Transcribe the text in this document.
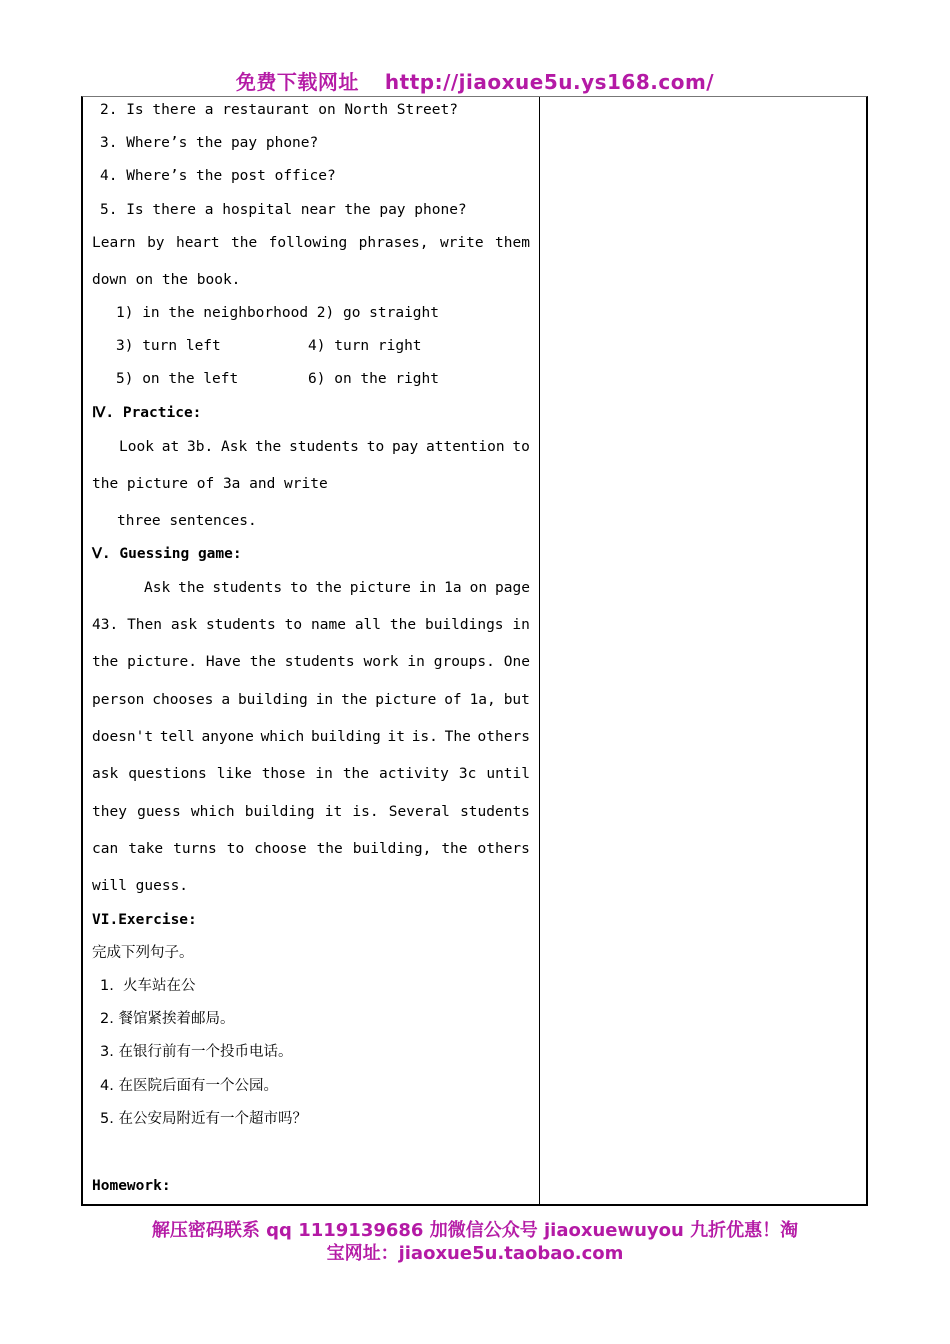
免费下载网址 http://jiaoxue5u.ys168.com/
2. Is there a restaurant on North Street?
3. Where’s the pay phone?
4. Where’s the post office?
5. Is there a hospital near the pay phone?
Learn by heart the following phrases, write them
down on the book.
1) in the neighborhood 2) go straight
3) turn left          4) turn right
5) on the left        6) on the right
Ⅳ. Practice:
Look at 3b. Ask the students to pay attention to
the picture of 3a and write
three sentences.
Ⅴ. Guessing game:
Ask the students to the picture in 1a on page
43. Then ask students to name all the buildings in
the picture. Have the students work in groups. One
person chooses a building in the picture of 1a, but
doesn't tell anyone which building it is. The others
ask questions like those in the activity 3c until
they guess which building it is. Several students
can take turns to choose the building, the others
will guess.
VI.Exercise:
完成下列句子。
1.  火车站在公
2. 餐馆紧挨着邮局。
3. 在银行前有一个投币电话。
4. 在医院后面有一个公园。
5. 在公安局附近有一个超市吗？
Homework:
解压密码联系 qq 1119139686 加微信公众号 jiaoxuewuyou 九折优惠！淘
宝网址：jiaoxue5u.taobao.com
